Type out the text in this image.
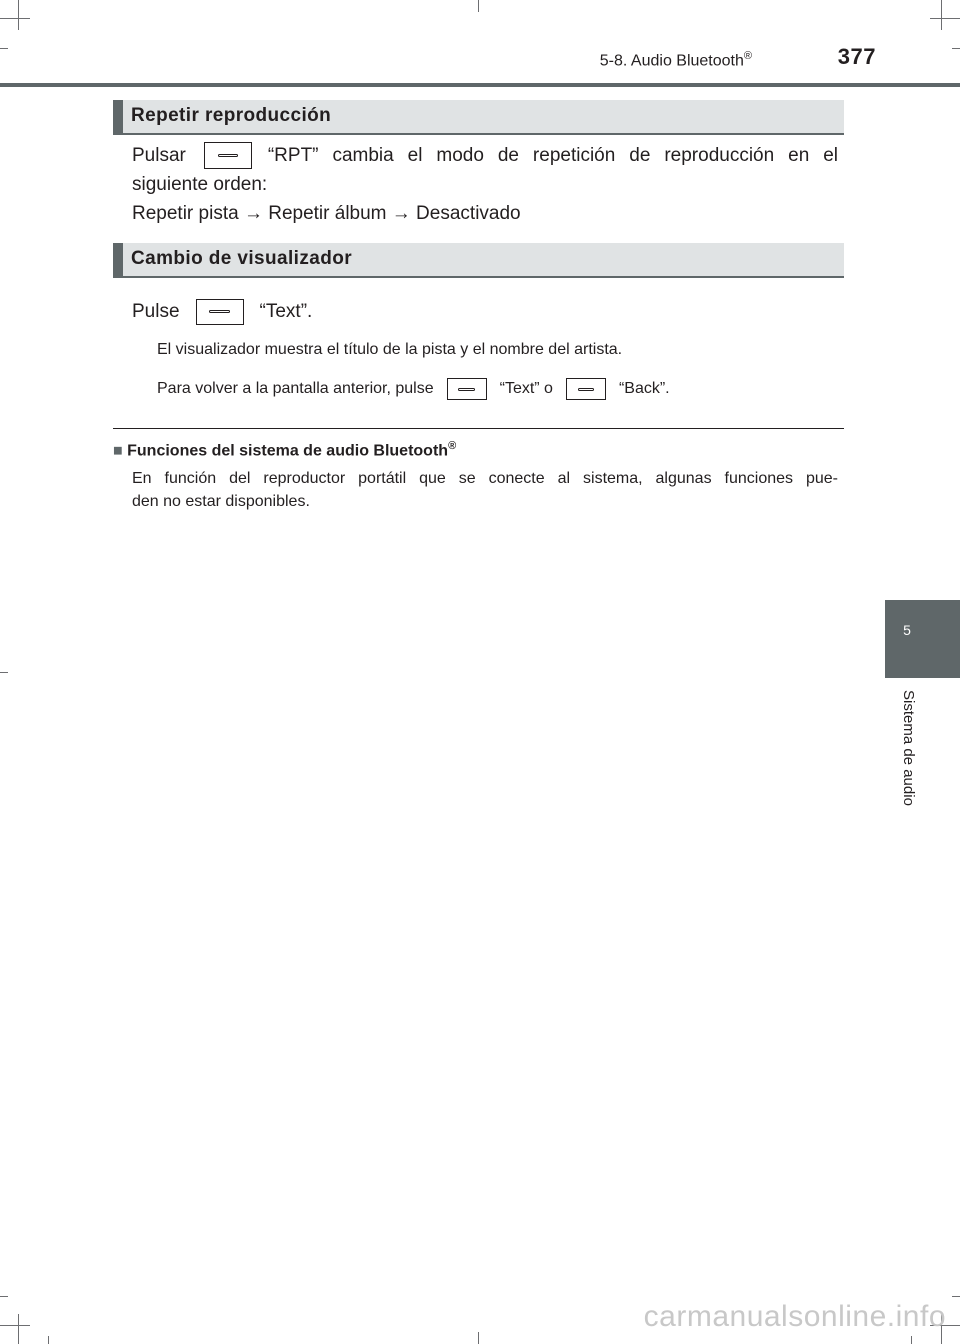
5-8. Audio Bluetooth®	377
Repetir reproducción
Pulsar	“RPT” cambia el modo de repetición de reproducción en el
siguiente orden:
Repetir pista → Repetir álbum → Desactivado
Cambio de visualizador
Pulse	“Text”.
El visualizador muestra el título de la pista y el nombre del artista.
Para volver a la pantalla anterior, pulse	“Text” o	“Back”.
■ Funciones del sistema de audio Bluetooth®
En función del reproductor portátil que se conecte al sistema, algunas funciones pue-
den no estar disponibles.
5
Sistema de audio
carmanualsonline.info
